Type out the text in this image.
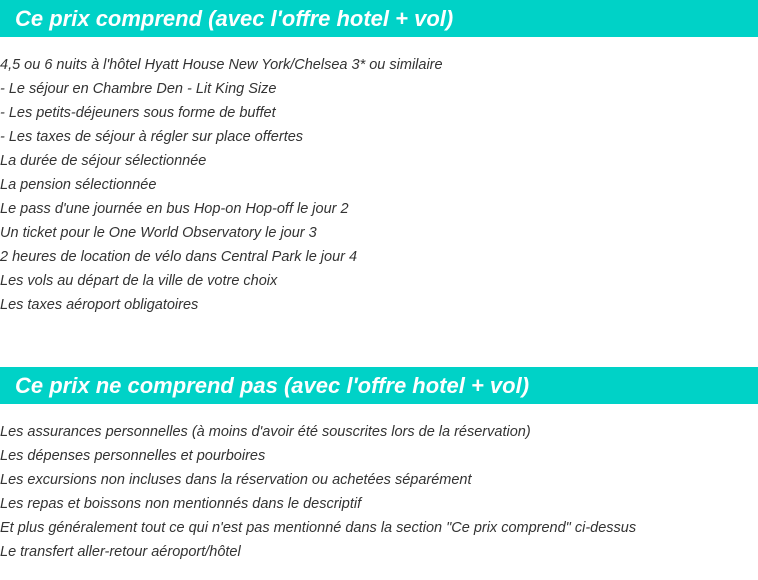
Ce prix comprend (avec l'offre hotel + vol)
4,5 ou 6 nuits à l'hôtel Hyatt House New York/Chelsea 3* ou similaire
- Le séjour en Chambre Den - Lit King Size
- Les petits-déjeuners sous forme de buffet
- Les taxes de séjour à régler sur place offertes
La durée de séjour sélectionnée
La pension sélectionnée
Le pass d'une journée en bus Hop-on Hop-off le jour 2
Un ticket pour le One World Observatory le jour 3
2 heures de location de vélo dans Central Park le jour 4
Les vols au départ de la ville de votre choix
Les taxes aéroport obligatoires
Ce prix ne comprend pas (avec l'offre hotel + vol)
Les assurances personnelles (à moins d'avoir été souscrites lors de la réservation)
Les dépenses personnelles et pourboires
Les excursions non incluses dans la réservation ou achetées séparément
Les repas et boissons non mentionnés dans le descriptif
Et plus généralement tout ce qui n'est pas mentionné dans la section "Ce prix comprend" ci-dessus
Le transfert aller-retour aéroport/hôtel
